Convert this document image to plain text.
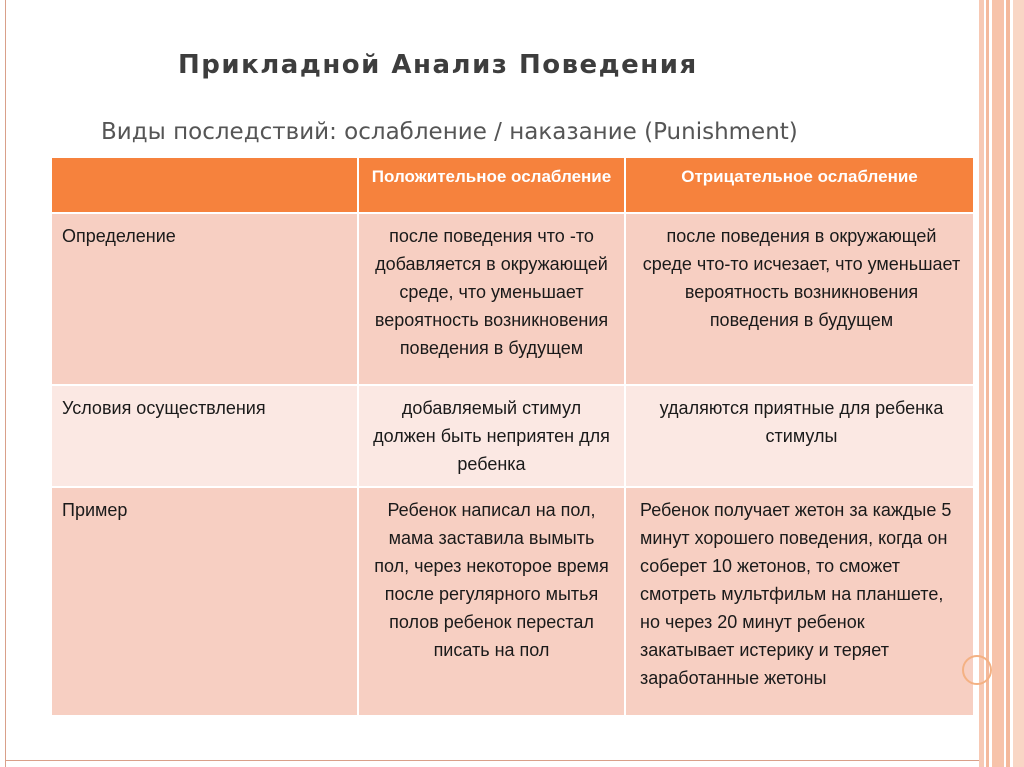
Прикладной Анализ Поведения
Виды последствий: ослабление / наказание (Punishment)
	Положительное ослабление	Отрицательное ослабление
Определение	после поведения что -то добавляется в окружающей среде, что уменьшает вероятность возникновения поведения в будущем	после поведения в окружающей среде что-то исчезает, что уменьшает вероятность возникновения поведения в будущем
Условия осуществления	добавляемый стимул должен быть неприятен для ребенка	удаляются приятные для ребенка стимулы
Пример	Ребенок написал на пол, мама заставила вымыть пол, через некоторое время после регулярного мытья полов ребенок перестал писать на пол	Ребенок получает жетон за каждые 5 минут хорошего поведения, когда он соберет 10 жетонов, то сможет смотреть мультфильм на планшете, но через 20 минут ребенок закатывает истерику и теряет заработанные жетоны
